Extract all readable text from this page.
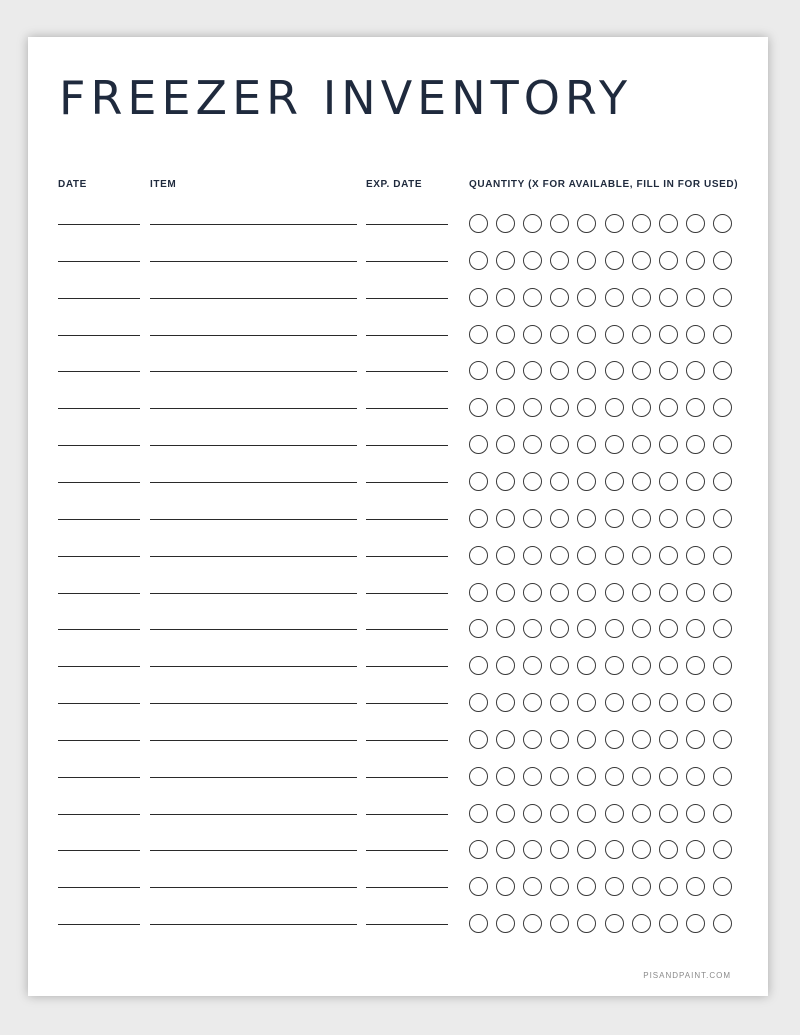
FREEZER INVENTORY
DATE	ITEM	EXP. DATE	QUANTITY (X FOR AVAILABLE, FILL IN FOR USED)
PISANDPAINT.COM
